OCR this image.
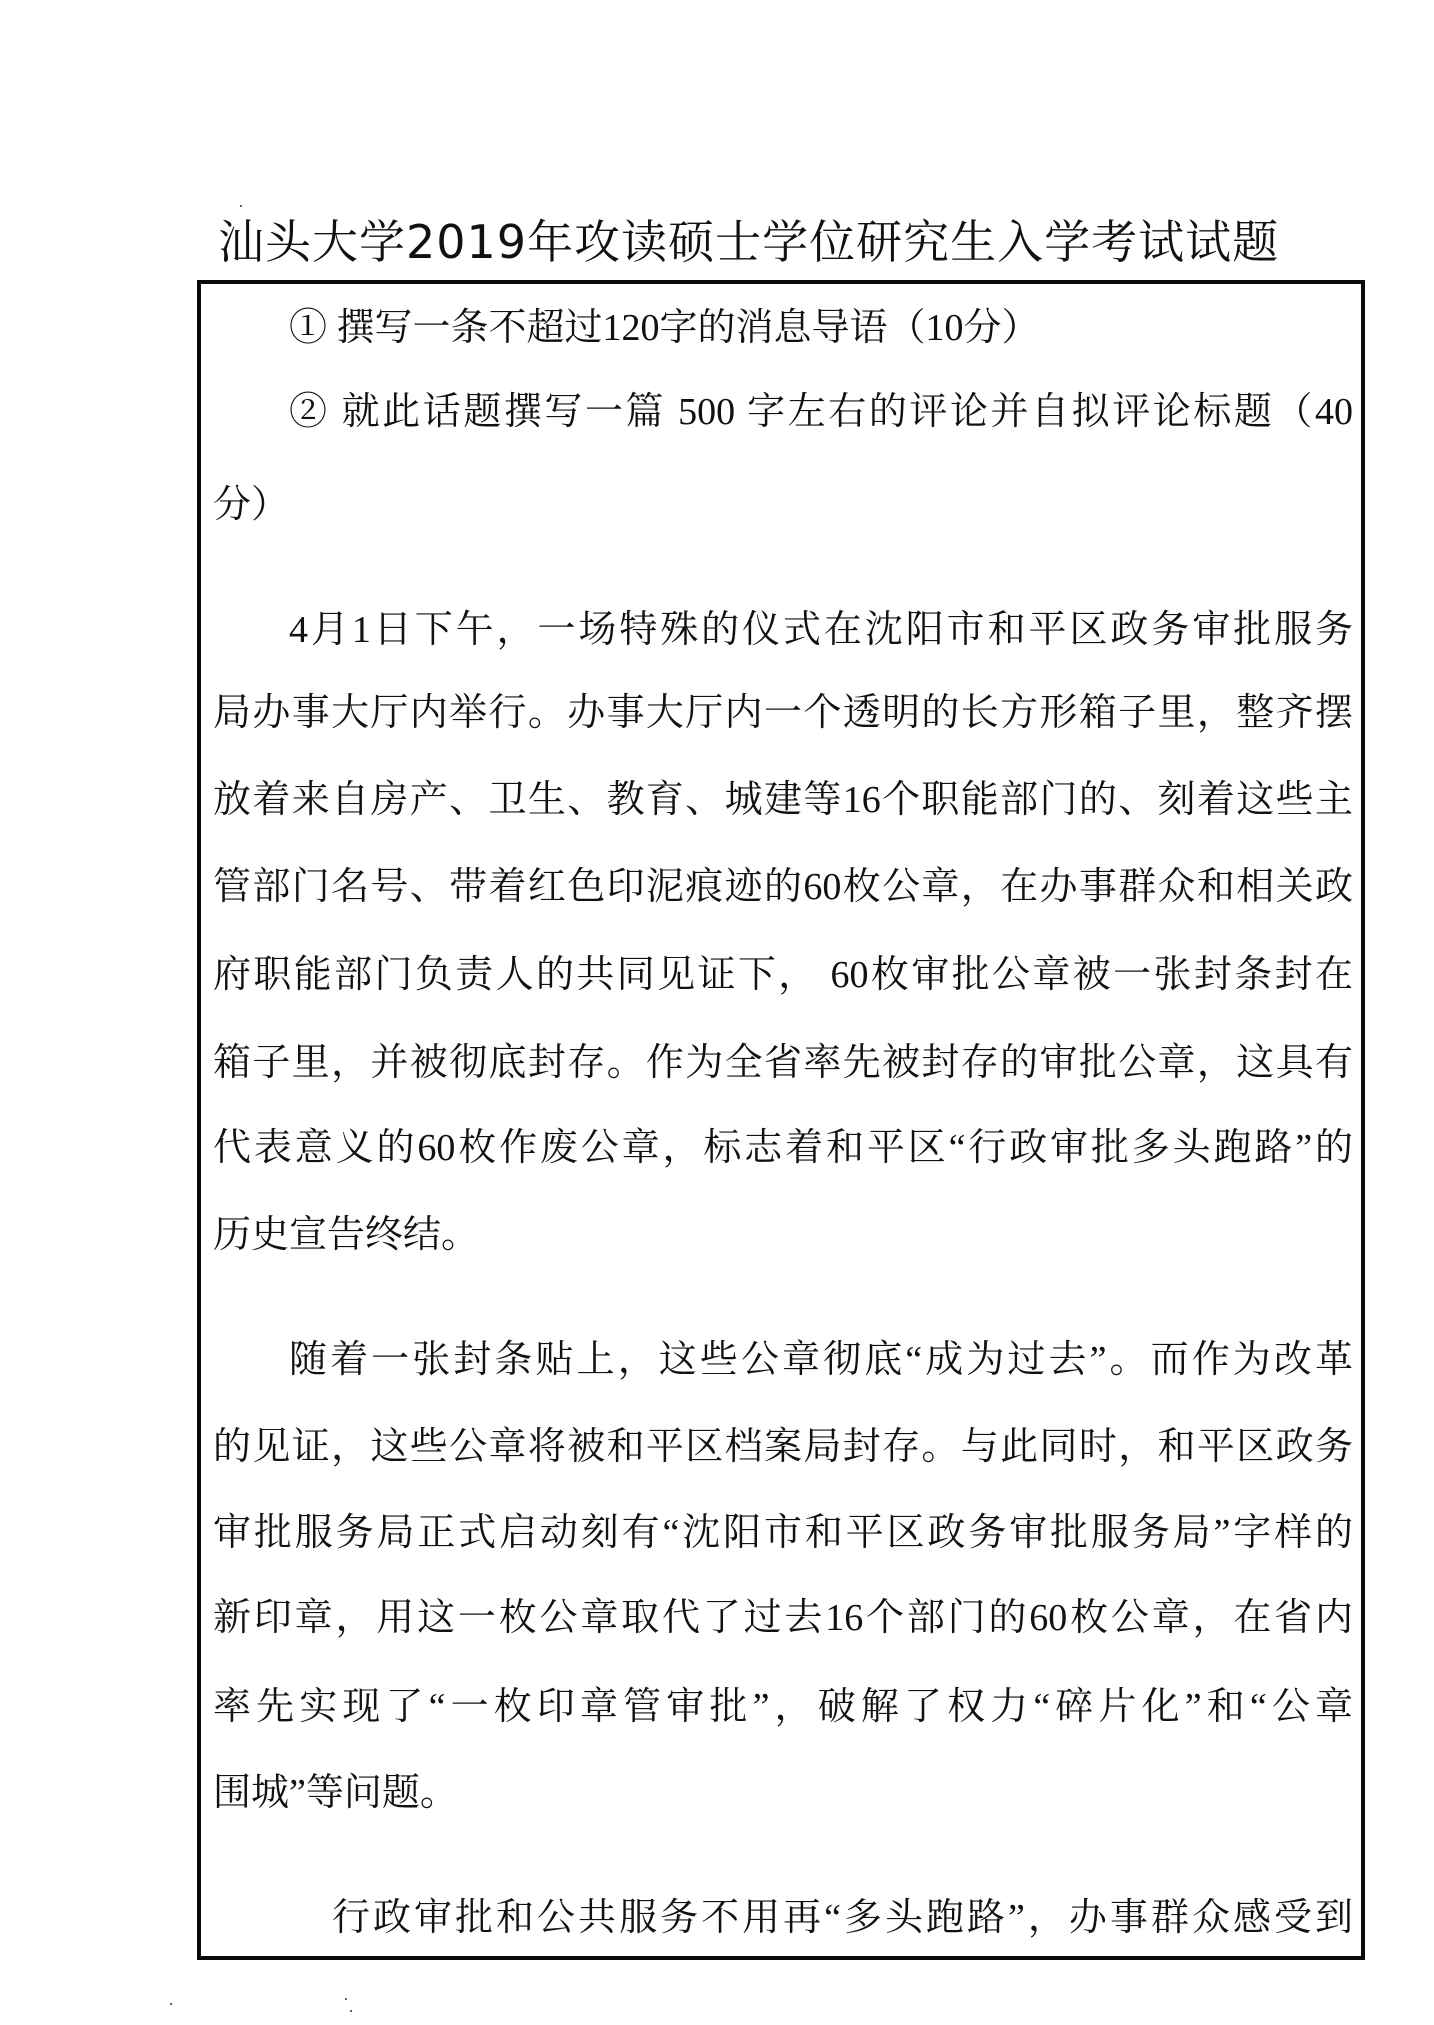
汕头大学2019年攻读硕士学位研究生入学考试试题
① 撰写一条不超过120字的消息导语（10分）
② 就此话题撰写一篇 500 字左右的评论并自拟评论标题（40
分）
4月1日下午，一场特殊的仪式在沈阳市和平区政务审批服务
局办事大厅内举行。办事大厅内一个透明的长方形箱子里，整齐摆
放着来自房产、卫生、教育、城建等16个职能部门的、刻着这些主
管部门名号、带着红色印泥痕迹的60枚公章，在办事群众和相关政
府职能部门负责人的共同见证下， 60枚审批公章被一张封条封在
箱子里，并被彻底封存。作为全省率先被封存的审批公章，这具有
代表意义的60枚作废公章，标志着和平区“行政审批多头跑路”的
历史宣告终结。
随着一张封条贴上，这些公章彻底“成为过去”。而作为改革
的见证，这些公章将被和平区档案局封存。与此同时，和平区政务
审批服务局正式启动刻有“沈阳市和平区政务审批服务局”字样的
新印章，用这一枚公章取代了过去16个部门的60枚公章，在省内
率先实现了“一枚印章管审批”，破解了权力“碎片化”和“公章
围城”等问题。
行政审批和公共服务不用再“多头跑路”，办事群众感受到
